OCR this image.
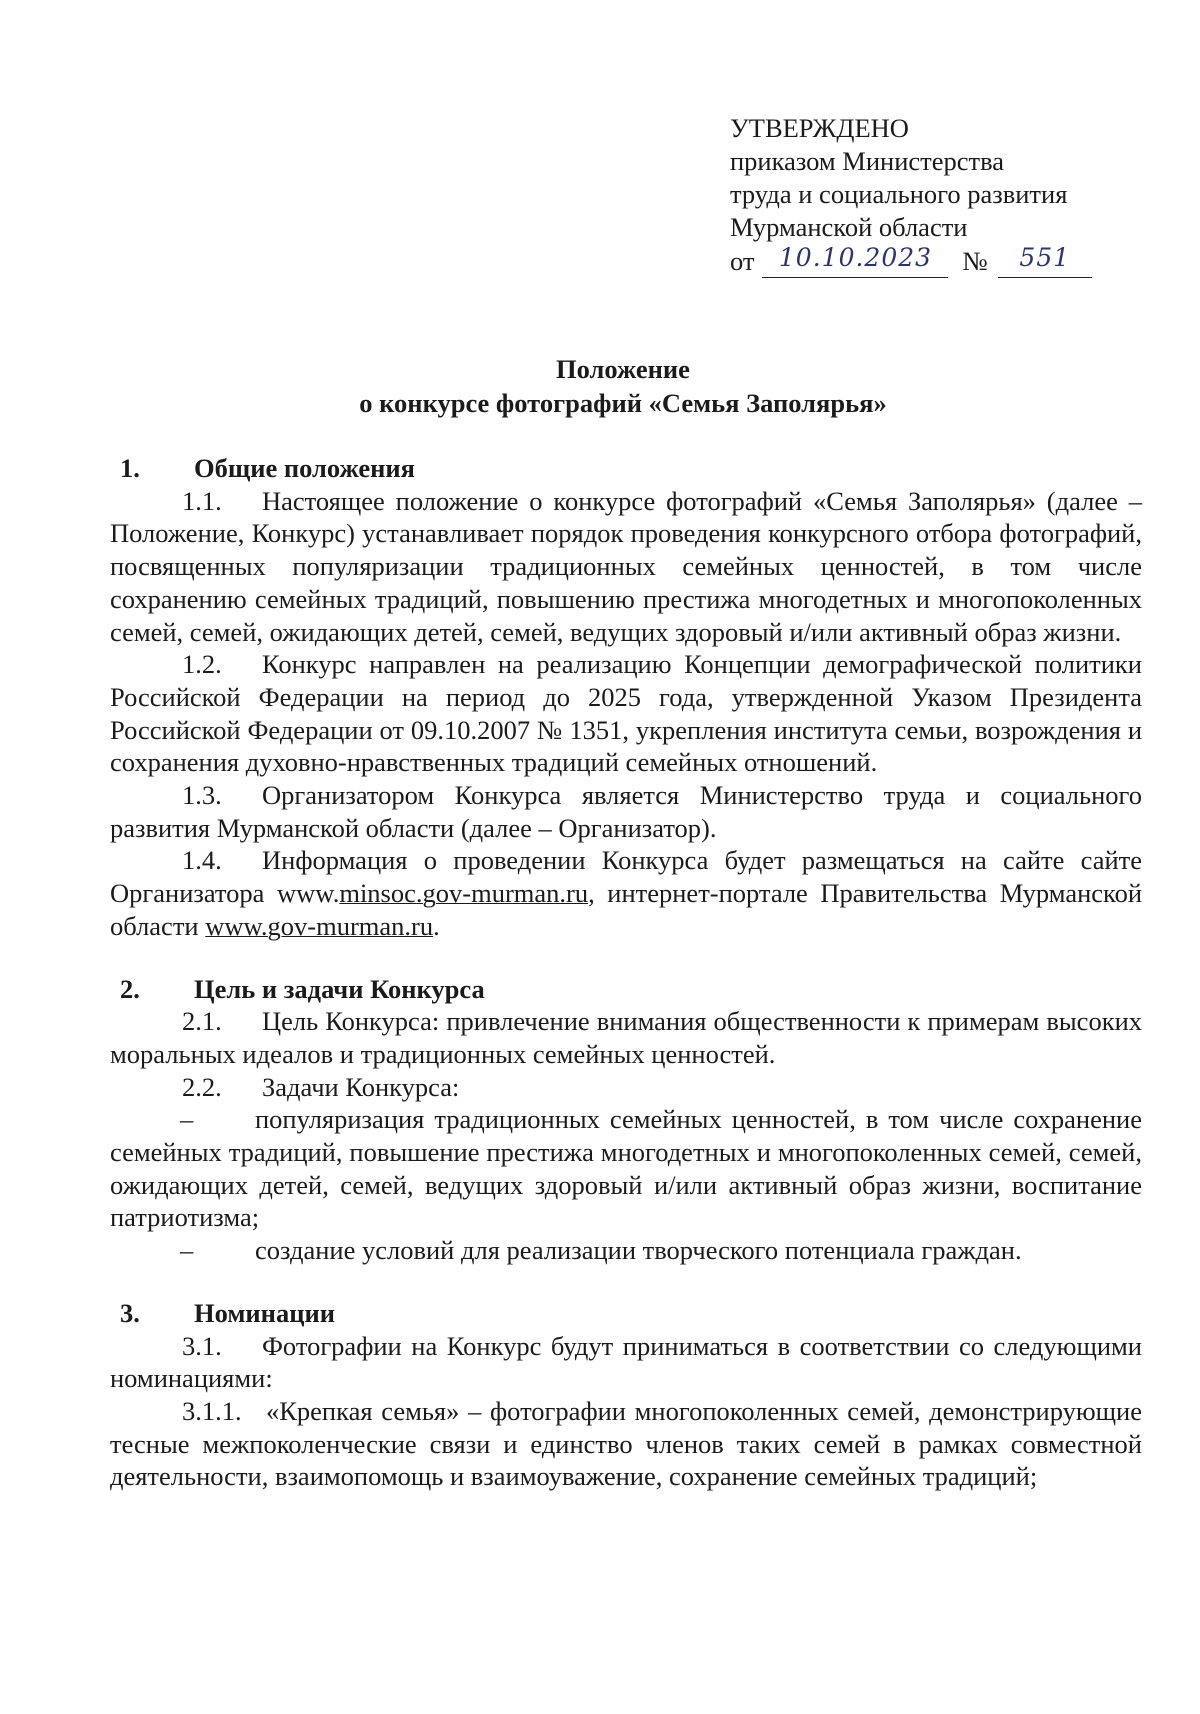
УТВЕРЖДЕНО
приказом Министерства
труда и социального развития
Мурманской области
от 10.10.2023	№	551
Положение
о конкурсе фотографий «Семья Заполярья»

1. Общие положения

1.1. Настоящее положение о конкурсе фотографий «Семья Заполярья» (далее – Положение, Конкурс) устанавливает порядок проведения конкурсного отбора фотографий, посвященных популяризации традиционных семейных ценностей, в том числе сохранению семейных традиций, повышению престижа многодетных и многопоколенных семей, семей, ожидающих детей, семей, ведущих здоровый и/или активный образ жизни.

1.2. Конкурс направлен на реализацию Концепции демографической политики Российской Федерации на период до 2025 года, утвержденной Указом Президента Российской Федерации от 09.10.2007 № 1351, укрепления института семьи, возрождения и сохранения духовно-нравственных традиций семейных отношений.

1.3. Организатором Конкурса является Министерство труда и социального развития Мурманской области (далее – Организатор).

1.4. Информация о проведении Конкурса будет размещаться на сайте сайте Организатора www.minsoc.gov-murman.ru, интернет-портале Правительства Мурманской области www.gov-murman.ru.

2. Цель и задачи Конкурса

2.1. Цель Конкурса: привлечение внимания общественности к примерам высоких моральных идеалов и традиционных семейных ценностей.

2.2. Задачи Конкурса:

–	популяризация традиционных семейных ценностей, в том числе сохранение семейных традиций, повышение престижа многодетных и многопоколенных семей, семей, ожидающих детей, семей, ведущих здоровый и/или активный образ жизни, воспитание патриотизма;

–	создание условий для реализации творческого потенциала граждан.

3. Номинации

3.1. Фотографии на Конкурс будут приниматься в соответствии со следующими номинациями:

3.1.1. «Крепкая семья» – фотографии многопоколенных семей, демонстрирующие тесные межпоколенческие связи и единство членов таких семей в рамках совместной деятельности, взаимопомощь и взаимоуважение, сохранение семейных традиций;
